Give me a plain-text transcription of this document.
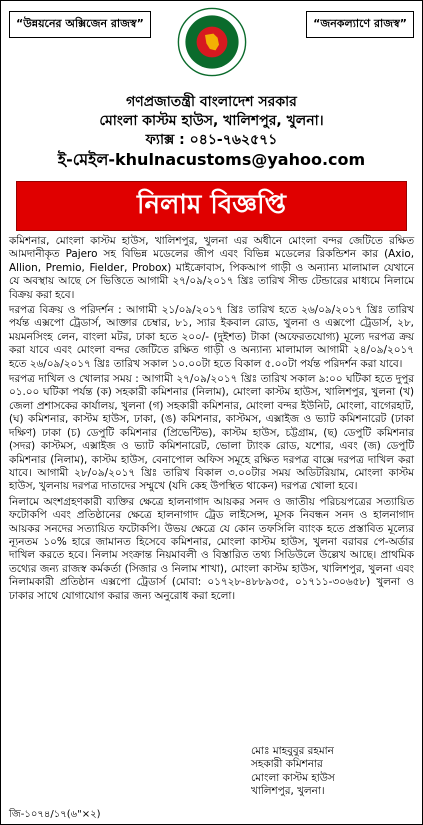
“উন্নয়নের অক্সিজেন রাজস্ব”	“জনকল্যাণে রাজস্ব”
গণপ্রজাতন্ত্রী বাংলাদেশ সরকার
মোংলা কাস্টম হাউস, খালিশপুর, খুলনা।
ফ্যাক্স : ০৪১-৭৬২৫৭১
ই-মেইল-khulnacustoms@yahoo.com
নিলাম বিজ্ঞপ্তি

কমিশনার, মোংলা কাস্টম হাউস, খালিশপুর, খুলনা এর অধীনে মোংলা বন্দর জেটিতে রক্ষিত আমদানীকৃত Pajero সহ বিভিন্ন মডেলের জীপ এবং বিভিন্ন মডেলের রিকন্ডিশন কার (Axio, Allion, Premio, Fielder, Probox) মাইক্রোবাস, পিকআপ গাড়ী ও অন্যান্য মালামাল যেখানে যে অবস্থায় আছে সে ভিত্তিতে আগামী ২৭/০৯/২০১৭ খ্রিঃ তারিখ সীল্ড টেন্ডারের মাধ্যমে নিলামে বিক্রয় করা হবে।

দরপত্র বিক্রয় ও পরিদর্শন : আগামী ২১/০৯/২০১৭ খ্রিঃ তারিখ হতে ২৬/০৯/২০১৭ খ্রিঃ তারিখ পর্যন্ত এক্সপো ট্রেডার্স, আক্তার চেম্বার, ৮১, স্যার ইকবাল রোড, খুলনা ও এক্সপো ট্রেডার্স, ২৮, ময়মনসিংহ লেন, বাংলা মটর, ঢাকা হতে ২০০/- (দুইশত) টাকা (অফেরতযোগ্য) মূল্যে দরপত্র ক্রয় করা যাবে এবং মোংলা বন্দর জেটিতে রক্ষিত গাড়ী ও অন্যান্য মালামাল আগামী ২৪/০৯/২০১৭ হতে ২৬/০৯/২০১৭ খ্রিঃ তারিখ সকাল ১০.০০টা হতে বিকাল ৫.০০টা পর্যন্ত পরিদর্শন করা যাবে।

দরপত্র দাখিল ও খোলার সময় : আগামী ২৭/০৯/২০১৭ খ্রিঃ তারিখ সকাল ৯:০০ ঘটিকা হতে দুপুর ০১.০০ ঘটিকা পর্যন্ত (ক) সহকারী কমিশনার (নিলাম), মোংলা কাস্টম হাউস, খালিশপুর, খুলনা (খ) জেলা প্রশাসকের কার্যালয়, খুলনা (গ) সহকারী কমিশনার, মোংলা বন্দর ইউনিট, মোংলা, বাগেরহাট, (ঘ) কমিশনার, কাস্টম হাউস, ঢাকা, (ঙ) কমিশনার, কাস্টমস, এক্সাইজ ও ভ্যাট কমিশনারেট (ঢাকা দক্ষিণ) ঢাকা (চ) ডেপুটি কমিশনার (প্রিভেন্টিভ), কাস্টম হাউস, চট্টগ্রাম, (ছ) ডেপুটি কমিশনার (সদর) কাস্টমস, এক্সাইজ ও ভ্যাট কমিশনারেট, ভোলা ট্যাংক রোড, যশোর, এবং (জ) ডেপুটি কমিশনার (নিলাম), কাস্টম হাউস, বেনাপোল অফিস সমূহে রক্ষিত দরপত্র বাক্সে দরপত্র দাখিল করা যাবে। আগামী ২৮/০৯/২০১৭ খ্রিঃ তারিখ বিকাল ৩.০০টার সময় অডিটরিয়াম, মোংলা কাস্টম হাউস, খুলনায় দরপত্র দাতাদের সম্মুখে (যদি কেহ উপস্থিত থাকেন) দরপত্র খোলা হবে।

নিলামে অংশগ্রহণকারী ব্যক্তির ক্ষেত্রে হালনাগাদ আয়কর সনদ ও জাতীয় পরিচয়পত্রের সত্যায়িত ফটোকপি এবং প্রতিষ্ঠানের ক্ষেত্রে হালনাগাদ ট্রেড লাইসেন্স, মূসক নিবন্ধন সনদ ও হালনাগাদ আয়কর সনদের সত্যায়িত ফটোকপি। উভয় ক্ষেত্রে যে কোন তফসিলি ব্যাংক হতে প্রস্তাবিত মূল্যের ন্যূনতম ১০% হারে জামানত হিসেবে কমিশনার, মোংলা কাস্টম হাউস, খুলনা বরাবর পে-অর্ডার দাখিল করতে হবে। নিলাম সংক্রান্ত নিয়মাবলী ও বিস্তারিত তথ্য সিডিউলে উল্লেখ আছে। প্রাথমিক তথ্যের জন্য রাজস্ব কর্মকর্তা (সিজার ও নিলাম শাখা), মোংলা কাস্টম হাউস, খালিশপুর, খুলনা এবং নিলামকারী প্রতিষ্ঠান এক্সপো ট্রেডার্স (মোবা: ০১৭২৮-৪৮৮৯৩৫, ০১৭১১-৩০৬৫৮) খুলনা ও ঢাকার সাথে যোগাযোগ করার জন্য অনুরোধ করা হলো।

মোঃ মাহবুবুর রহমান
সহকারী কমিশনার
মোংলা কাস্টম হাউস
খালিশপুর, খুলনা।
জি-১০৭৪/১৭(৬"×২)
